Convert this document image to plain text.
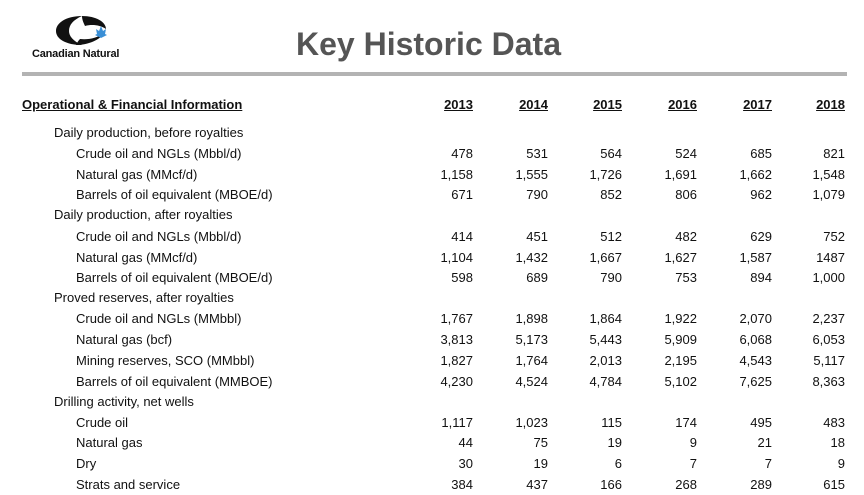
Canadian Natural	Key Historic Data
Operational & Financial Information	2013	2014	2015	2016	2017	2018
Daily production, before royalties
Crude oil and NGLs (Mbbl/d)	478	531	564	524	685	821
Natural gas (MMcf/d)	1,158	1,555	1,726	1,691	1,662	1,548
Barrels of oil equivalent (MBOE/d)	671	790	852	806	962	1,079
Daily production, after royalties
Crude oil and NGLs (Mbbl/d)	414	451	512	482	629	752
Natural gas (MMcf/d)	1,104	1,432	1,667	1,627	1,587	1487
Barrels of oil equivalent (MBOE/d)	598	689	790	753	894	1,000
Proved reserves, after royalties
Crude oil and NGLs (MMbbl)	1,767	1,898	1,864	1,922	2,070	2,237
Natural gas (bcf)	3,813	5,173	5,443	5,909	6,068	6,053
Mining reserves, SCO (MMbbl)	1,827	1,764	2,013	2,195	4,543	5,117
Barrels of oil equivalent (MMBOE)	4,230	4,524	4,784	5,102	7,625	8,363
Drilling activity, net wells
Crude oil	1,117	1,023	115	174	495	483
Natural gas	44	75	19	9	21	18
Dry	30	19	6	7	7	9
Strats and service	384	437	166	268	289	615
